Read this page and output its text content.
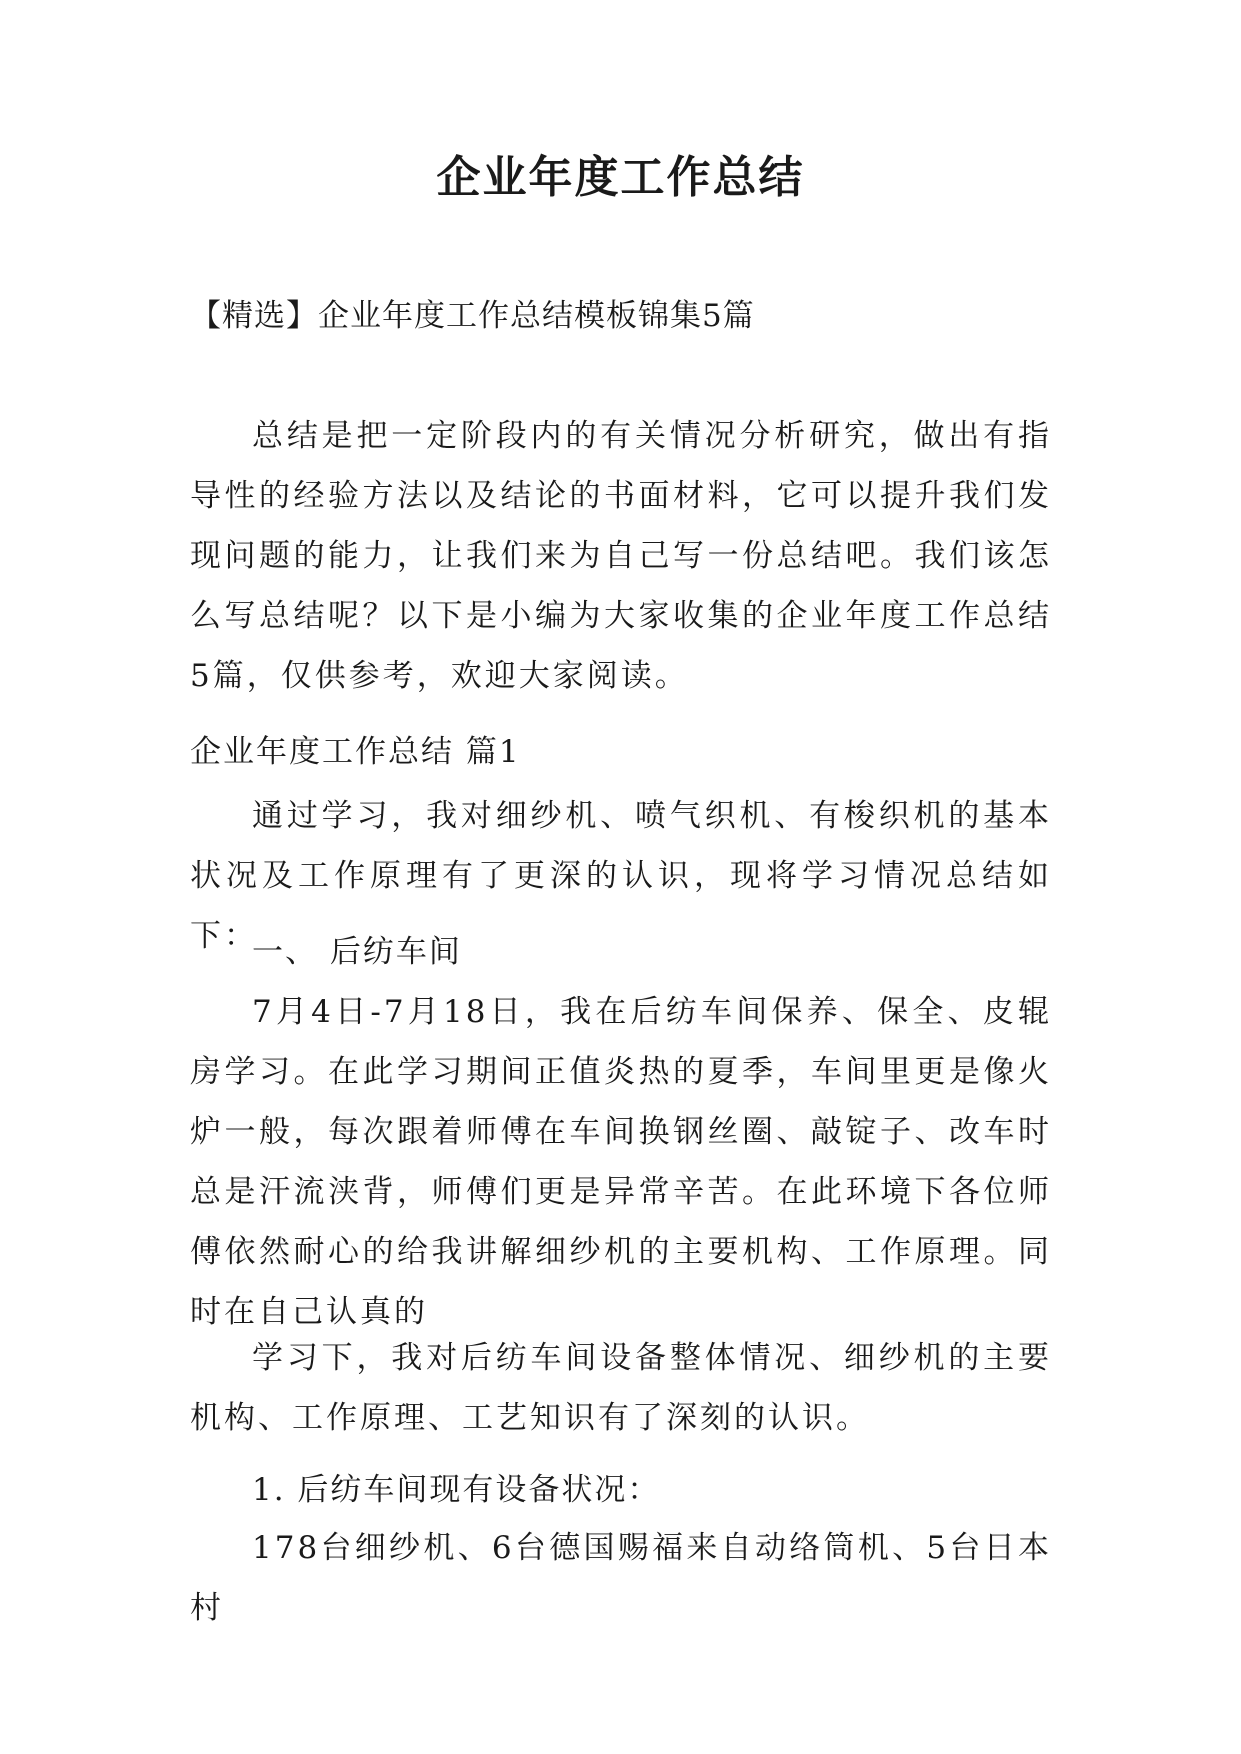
企业年度工作总结
【精选】企业年度工作总结模板锦集5篇

总结是把一定阶段内的有关情况分析研究，做出有指导性的经验方法以及结论的书面材料，它可以提升我们发现问题的能力，让我们来为自己写一份总结吧。我们该怎么写总结呢？以下是小编为大家收集的企业年度工作总结5篇，仅供参考，欢迎大家阅读。

企业年度工作总结 篇1

通过学习，我对细纱机、喷气织机、有梭织机的基本状况及工作原理有了更深的认识，现将学习情况总结如下：

一、 后纺车间

7月4日-7月18日，我在后纺车间保养、保全、皮辊房学习。在此学习期间正值炎热的夏季，车间里更是像火炉一般，每次跟着师傅在车间换钢丝圈、敲锭子、改车时总是汗流浃背，师傅们更是异常辛苦。在此环境下各位师傅依然耐心的给我讲解细纱机的主要机构、工作原理。同时在自己认真的

学习下，我对后纺车间设备整体情况、细纱机的主要机构、工作原理、工艺知识有了深刻的认识。

1. 后纺车间现有设备状况：

178台细纱机、6台德国赐福来自动络筒机、5台日本村
